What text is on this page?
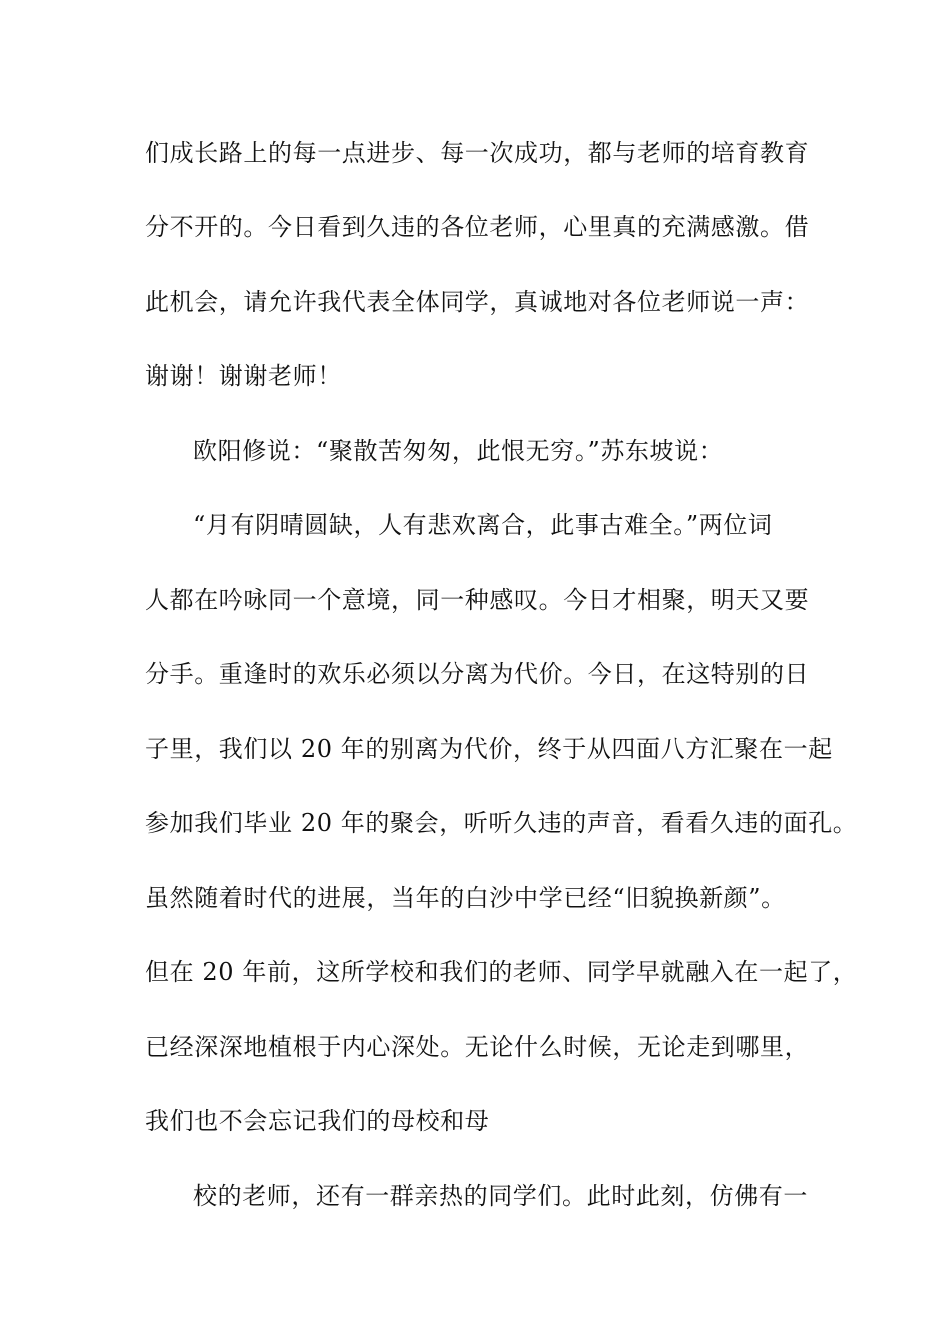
们成长路上的每一点进步、每一次成功，都与老师的培育教育
分不开的。今日看到久违的各位老师，心里真的充满感激。借
此机会，请允许我代表全体同学，真诚地对各位老师说一声：
谢谢！谢谢老师！
欧阳修说：“聚散苦匆匆，此恨无穷。”苏东坡说：
“月有阴晴圆缺，人有悲欢离合，此事古难全。”两位词
人都在吟咏同一个意境，同一种感叹。今日才相聚，明天又要
分手。重逢时的欢乐必须以分离为代价。今日，在这特别的日
子里，我们以 20 年的别离为代价，终于从四面八方汇聚在一起
参加我们毕业 20 年的聚会，听听久违的声音，看看久违的面孔。
虽然随着时代的进展，当年的白沙中学已经“旧貌换新颜”。
但在 20 年前，这所学校和我们的老师、同学早就融入在一起了，
已经深深地植根于内心深处。无论什么时候，无论走到哪里，
我们也不会忘记我们的母校和母
校的老师，还有一群亲热的同学们。此时此刻，仿佛有一
